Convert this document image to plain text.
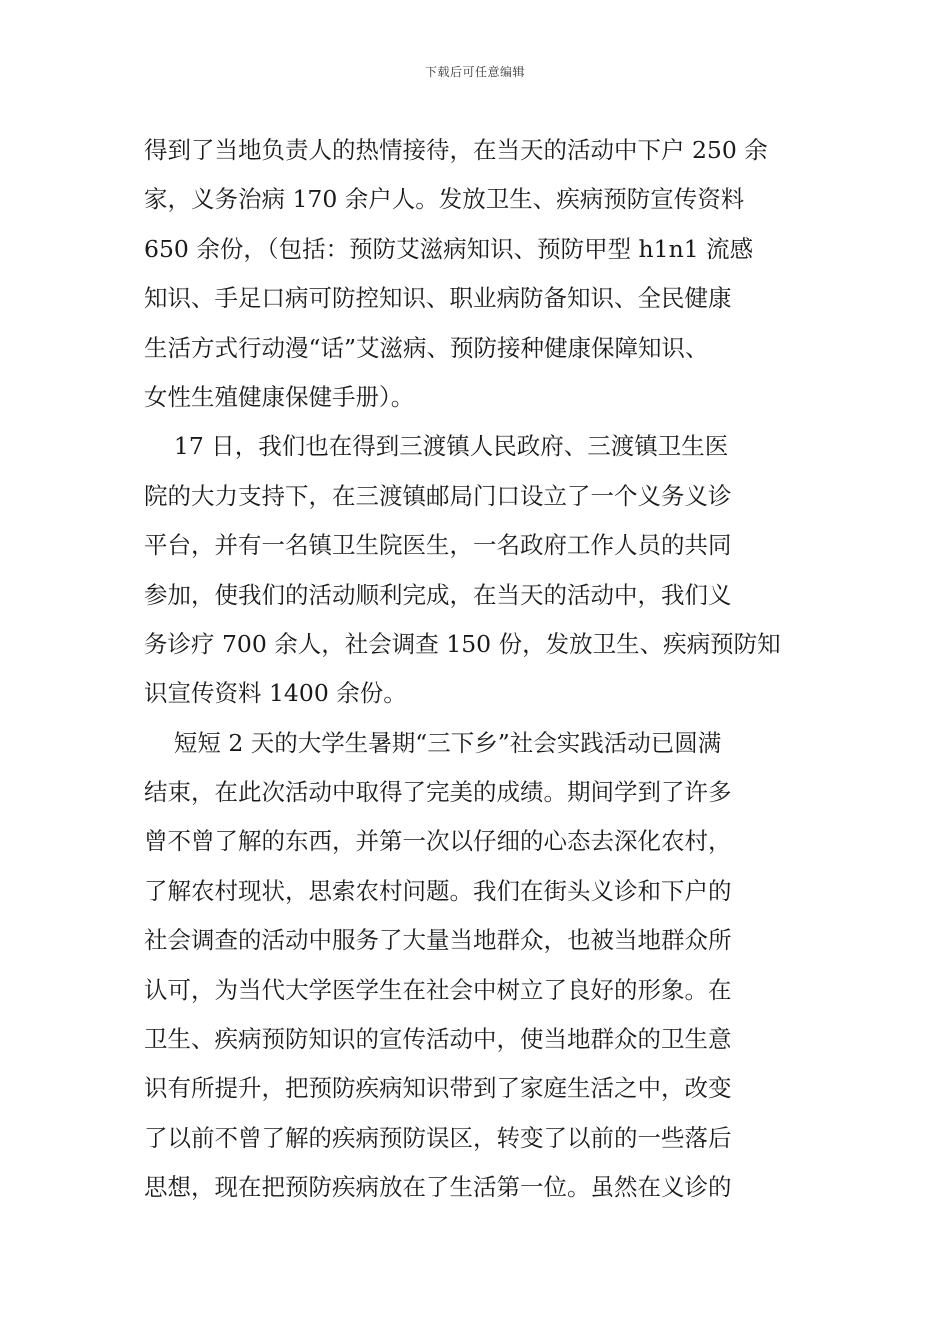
下载后可任意编辑
得到了当地负责人的热情接待，在当天的活动中下户 250 余
家，义务治病 170 余户人。发放卫生、疾病预防宣传资料
650 余份，（包括：预防艾滋病知识、预防甲型 h1n1 流感
知识、手足口病可防控知识、职业病防备知识、全民健康
生活方式行动漫“话”艾滋病、预防接种健康保障知识、
女性生殖健康保健手册）。
17 日，我们也在得到三渡镇人民政府、三渡镇卫生医
院的大力支持下，在三渡镇邮局门口设立了一个义务义诊
平台，并有一名镇卫生院医生，一名政府工作人员的共同
参加，使我们的活动顺利完成，在当天的活动中，我们义
务诊疗 700 余人，社会调查 150 份，发放卫生、疾病预防知
识宣传资料 1400 余份。
短短 2 天的大学生暑期“三下乡”社会实践活动已圆满
结束，在此次活动中取得了完美的成绩。期间学到了许多
曾不曾了解的东西，并第一次以仔细的心态去深化农村，
了解农村现状，思索农村问题。我们在街头义诊和下户的
社会调查的活动中服务了大量当地群众，也被当地群众所
认可，为当代大学医学生在社会中树立了良好的形象。在
卫生、疾病预防知识的宣传活动中，使当地群众的卫生意
识有所提升，把预防疾病知识带到了家庭生活之中，改变
了以前不曾了解的疾病预防误区，转变了以前的一些落后
思想，现在把预防疾病放在了生活第一位。虽然在义诊的
